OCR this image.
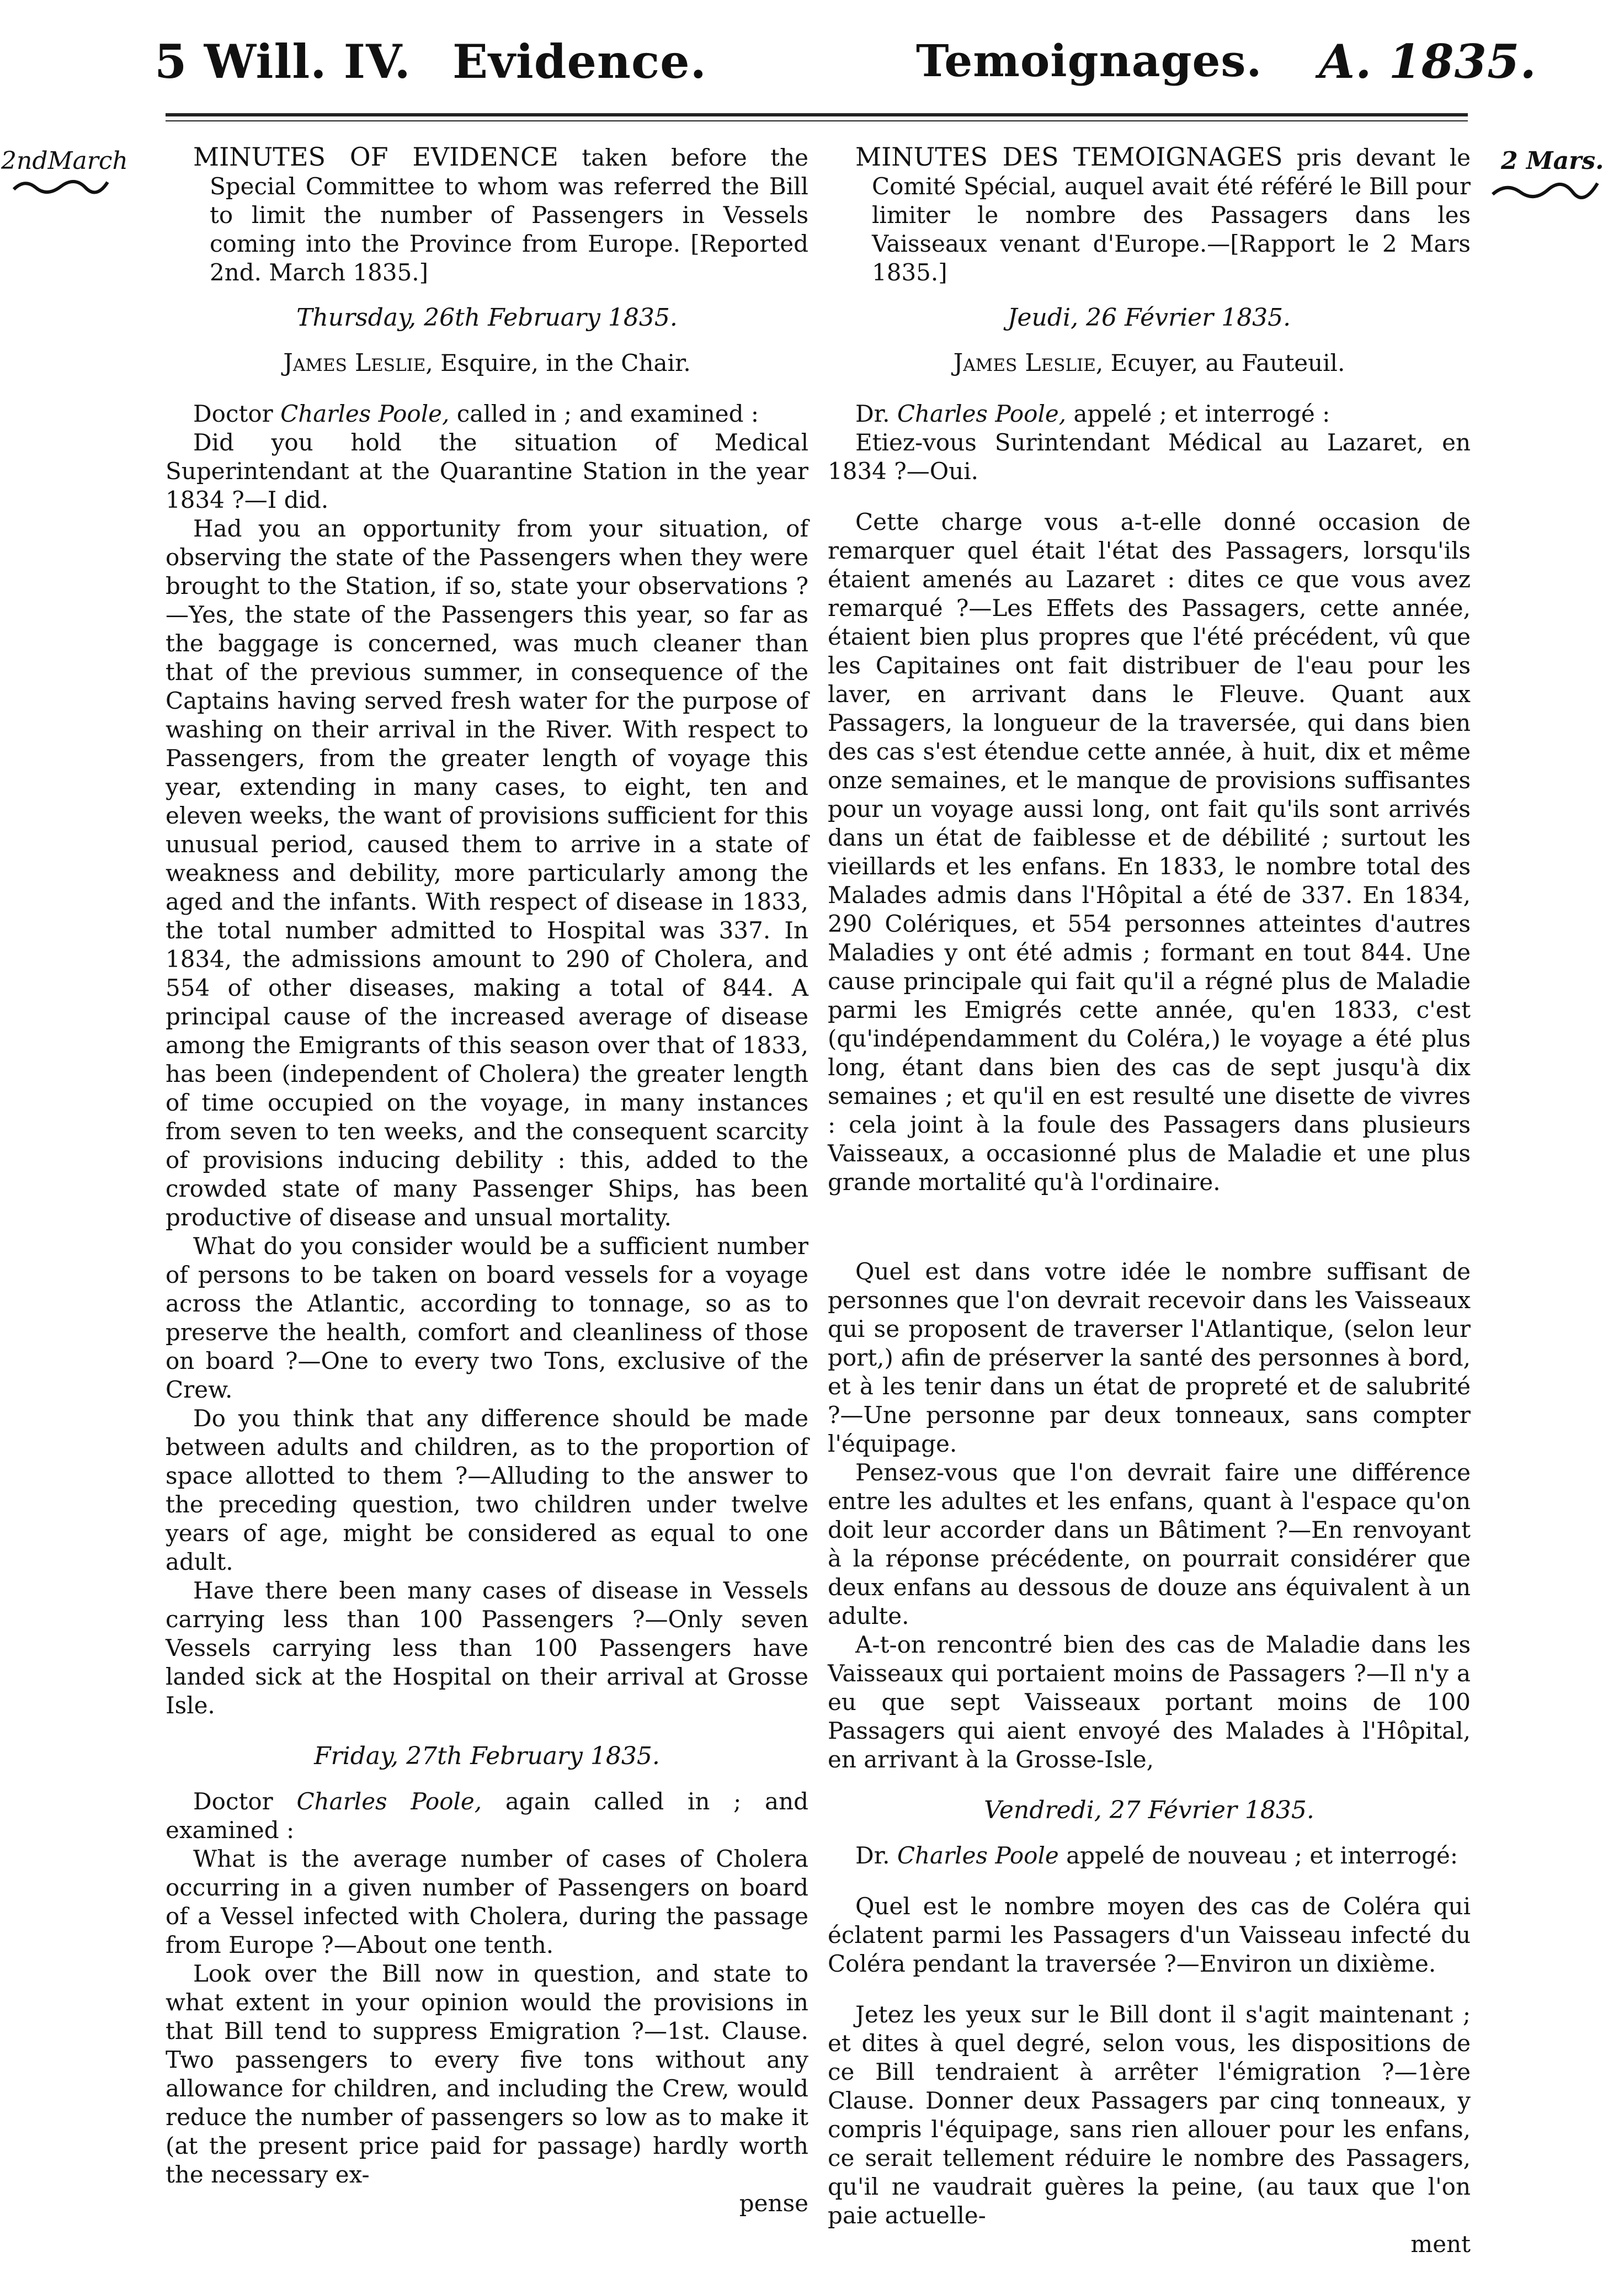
5 Will. IV. Evidence.	Temoignages. A. 1835.
2ndMarch	2 Mars.

MINUTES OF EVIDENCE taken before the Special Committee to whom was referred the Bill to limit the number of Passengers in Vessels coming into the Province from Europe. [Reported 2nd. March 1835.]

Thursday, 26th February 1835.

James Leslie, Esquire, in the Chair.

Doctor Charles Poole, called in ; and examined :

Did you hold the situation of Medical Superintendant at the Quarantine Station in the year 1834 ?—I did.

Had you an opportunity from your situation, of observing the state of the Passengers when they were brought to the Station, if so, state your observations ?—Yes, the state of the Passengers this year, so far as the baggage is concerned, was much cleaner than that of the previous summer, in consequence of the Captains having served fresh water for the purpose of washing on their arrival in the River. With respect to Passengers, from the greater length of voyage this year, extending in many cases, to eight, ten and eleven weeks, the want of provisions sufficient for this unusual period, caused them to arrive in a state of weakness and debility, more particularly among the aged and the infants. With respect of disease in 1833, the total number admitted to Hospital was 337. In 1834, the admissions amount to 290 of Cholera, and 554 of other diseases, making a total of 844. A principal cause of the increased average of disease among the Emigrants of this season over that of 1833, has been (independent of Cholera) the greater length of time occupied on the voyage, in many instances from seven to ten weeks, and the consequent scarcity of provisions inducing debility : this, added to the crowded state of many Passenger Ships, has been productive of disease and unsual mortality.

What do you consider would be a sufficient number of persons to be taken on board vessels for a voyage across the Atlantic, according to tonnage, so as to preserve the health, comfort and cleanliness of those on board ?—One to every two Tons, exclusive of the Crew.

Do you think that any difference should be made between adults and children, as to the proportion of space allotted to them ?—Alluding to the answer to the preceding question, two children under twelve years of age, might be considered as equal to one adult.

Have there been many cases of disease in Vessels carrying less than 100 Passengers ?—Only seven Vessels carrying less than 100 Passengers have landed sick at the Hospital on their arrival at Grosse Isle.

Friday, 27th February 1835.

Doctor Charles Poole, again called in ; and examined :

What is the average number of cases of Cholera occurring in a given number of Passengers on board of a Vessel infected with Cholera, during the passage from Europe ?—About one tenth.

Look over the Bill now in question, and state to what extent in your opinion would the provisions in that Bill tend to suppress Emigration ?—1st. Clause. Two passengers to every five tons without any allowance for children, and including the Crew, would reduce the number of passengers so low as to make it (at the present price paid for passage) hardly worth the necessary ex-

pense

MINUTES DES TEMOIGNAGES pris devant le Comité Spécial, auquel avait été référé le Bill pour limiter le nombre des Passagers dans les Vaisseaux venant d'Europe.—[Rapport le 2 Mars 1835.]

Jeudi, 26 Février 1835.

James Leslie, Ecuyer, au Fauteuil.

Dr. Charles Poole, appelé ; et interrogé :

Etiez-vous Surintendant Médical au Lazaret, en 1834 ?—Oui.

Cette charge vous a-t-elle donné occasion de remarquer quel était l'état des Passagers, lorsqu'ils étaient amenés au Lazaret : dites ce que vous avez remarqué ?—Les Effets des Passagers, cette année, étaient bien plus propres que l'été précédent, vû que les Capitaines ont fait distribuer de l'eau pour les laver, en arrivant dans le Fleuve. Quant aux Passagers, la longueur de la traversée, qui dans bien des cas s'est étendue cette année, à huit, dix et même onze semaines, et le manque de provisions suffisantes pour un voyage aussi long, ont fait qu'ils sont arrivés dans un état de faiblesse et de débilité ; surtout les vieillards et les enfans. En 1833, le nombre total des Malades admis dans l'Hôpital a été de 337. En 1834, 290 Colériques, et 554 personnes atteintes d'autres Maladies y ont été admis ; formant en tout 844. Une cause principale qui fait qu'il a régné plus de Maladie parmi les Emigrés cette année, qu'en 1833, c'est (qu'indépendamment du Coléra,) le voyage a été plus long, étant dans bien des cas de sept jusqu'à dix semaines ; et qu'il en est resulté une disette de vivres : cela joint à la foule des Passagers dans plusieurs Vaisseaux, a occasionné plus de Maladie et une plus grande mortalité qu'à l'ordinaire.

Quel est dans votre idée le nombre suffisant de personnes que l'on devrait recevoir dans les Vaisseaux qui se proposent de traverser l'Atlantique, (selon leur port,) afin de préserver la santé des personnes à bord, et à les tenir dans un état de propreté et de salubrité ?—Une personne par deux tonneaux, sans compter l'équipage.

Pensez-vous que l'on devrait faire une différence entre les adultes et les enfans, quant à l'espace qu'on doit leur accorder dans un Bâtiment ?—En renvoyant à la réponse précédente, on pourrait considérer que deux enfans au dessous de douze ans équivalent à un adulte.

A-t-on rencontré bien des cas de Maladie dans les Vaisseaux qui portaient moins de Passagers ?—Il n'y a eu que sept Vaisseaux portant moins de 100 Passagers qui aient envoyé des Malades à l'Hôpital, en arrivant à la Grosse-Isle,

Vendredi, 27 Février 1835.

Dr. Charles Poole appelé de nouveau ; et interrogé:

Quel est le nombre moyen des cas de Coléra qui éclatent parmi les Passagers d'un Vaisseau infecté du Coléra pendant la traversée ?—Environ un dixième.

Jetez les yeux sur le Bill dont il s'agit maintenant ; et dites à quel degré, selon vous, les dispositions de ce Bill tendraient à arrêter l'émigration ?—1ère Clause. Donner deux Passagers par cinq tonneaux, y compris l'équipage, sans rien allouer pour les enfans, ce serait tellement réduire le nombre des Passagers, qu'il ne vaudrait guères la peine, (au taux que l'on paie actuelle-

ment
